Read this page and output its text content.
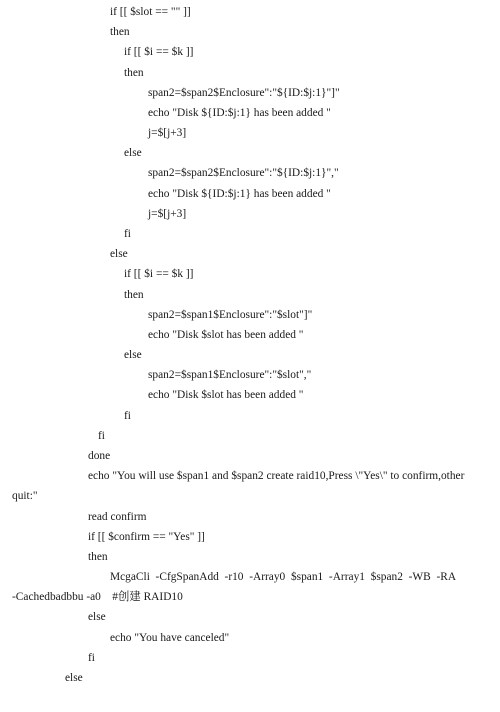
if [[ $slot == "" ]]
then
if [[ $i == $k ]]
then
span2=$span2$Enclosure":"${ID:$j:1}"]"
echo "Disk ${ID:$j:1} has been added "
j=$[j+3]
else
span2=$span2$Enclosure":"${ID:$j:1}","
echo "Disk ${ID:$j:1} has been added "
j=$[j+3]
fi
else
if [[ $i == $k ]]
then
span2=$span1$Enclosure":"$slot"]"
echo "Disk $slot has been added "
else
span2=$span1$Enclosure":"$slot","
echo "Disk $slot has been added "
fi
fi
done
echo "You will use $span1 and $span2 create raid10,Press \"Yes\" to confirm,other
quit:"
read confirm
if [[ $confirm == "Yes" ]]
then
McgaCli  -CfgSpanAdd  -r10  -Array0  $span1  -Array1  $span2  -WB  -RA
-Cachedbadbbu -a0    #创建 RAID10
else
echo "You have canceled"
fi
else
